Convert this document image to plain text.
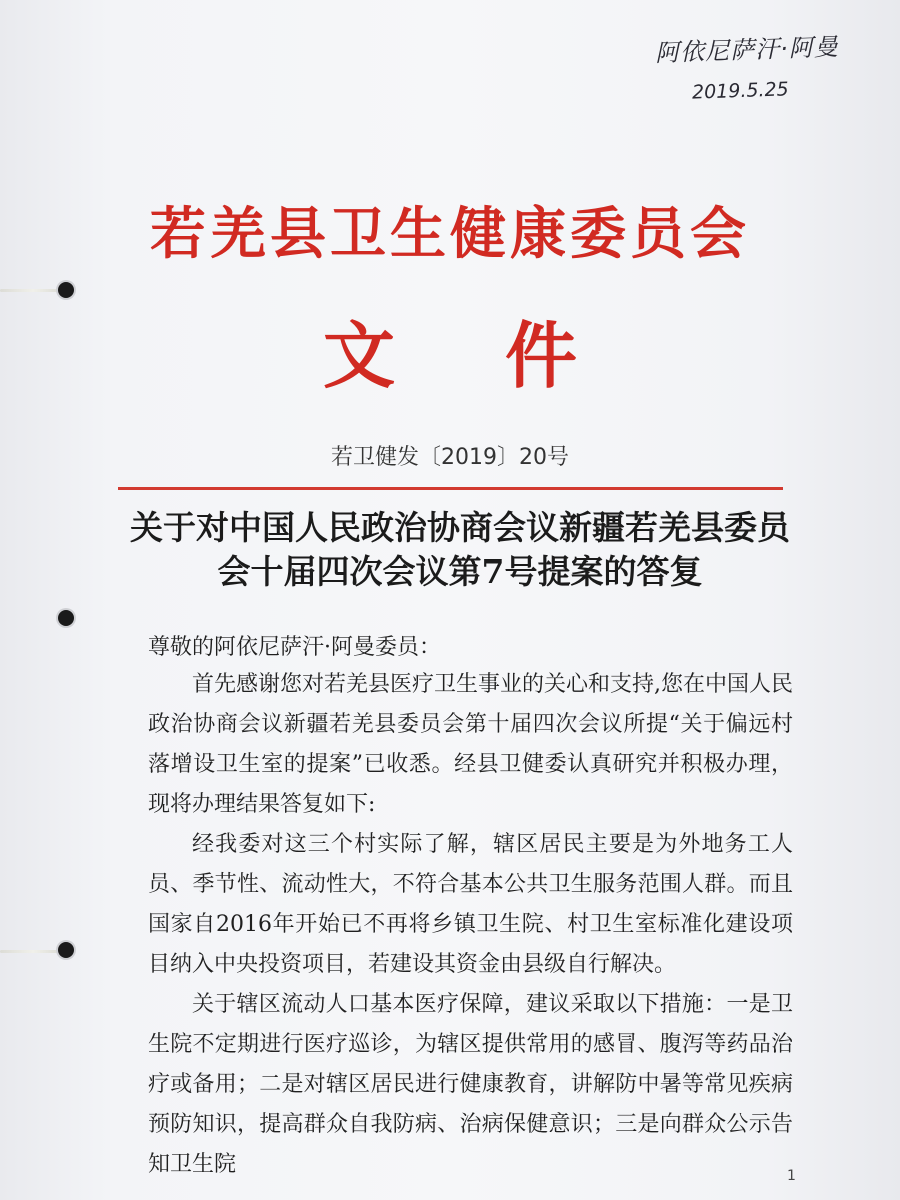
阿依尼萨汗·阿曼
2019.5.25
若羌县卫生健康委员会
文件
若卫健发〔2019〕20号
关于对中国人民政治协商会议新疆若羌县委员会十届四次会议第7号提案的答复
尊敬的阿依尼萨汗·阿曼委员：

首先感谢您对若羌县医疗卫生事业的关心和支持,您在中国人民政治协商会议新疆若羌县委员会第十届四次会议所提“关于偏远村落增设卫生室的提案”已收悉。经县卫健委认真研究并积极办理，现将办理结果答复如下:

经我委对这三个村实际了解，辖区居民主要是为外地务工人员、季节性、流动性大，不符合基本公共卫生服务范围人群。而且国家自2016年开始已不再将乡镇卫生院、村卫生室标准化建设项目纳入中央投资项目，若建设其资金由县级自行解决。

关于辖区流动人口基本医疗保障，建议采取以下措施：一是卫生院不定期进行医疗巡诊，为辖区提供常用的感冒、腹泻等药品治疗或备用；二是对辖区居民进行健康教育，讲解防中暑等常见疾病预防知识，提高群众自我防病、治病保健意识；三是向群众公示告知卫生院	1
